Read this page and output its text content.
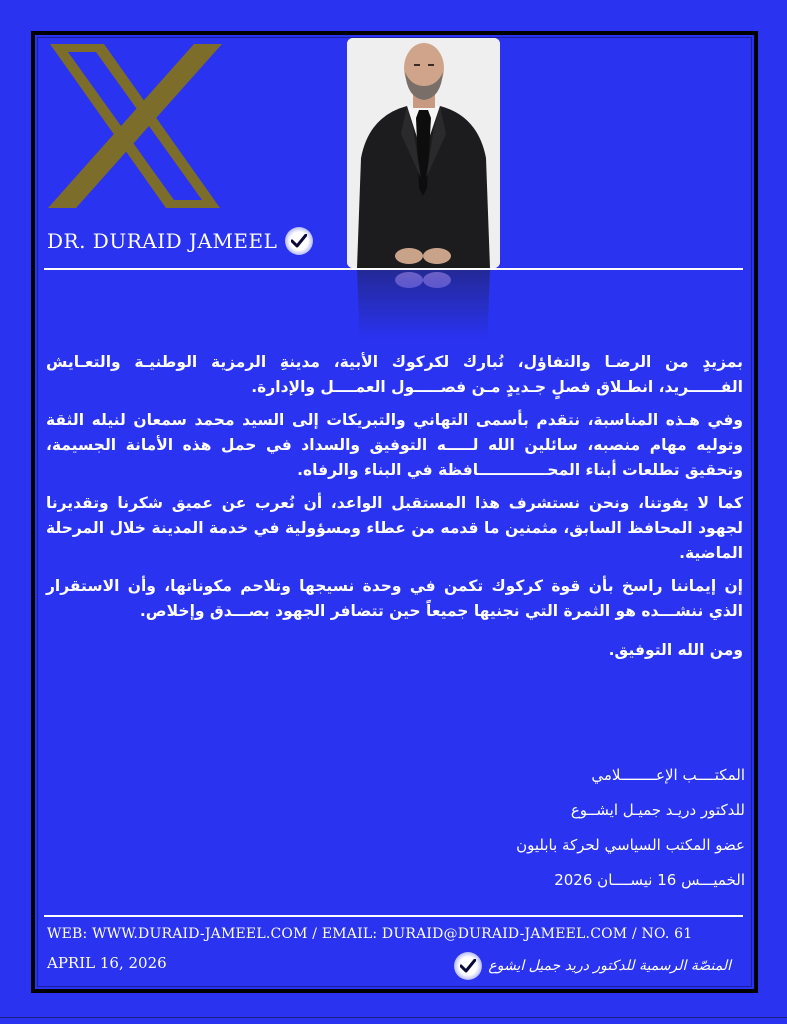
DR. DURAID JAMEEL

بمزيدٍ من الرضـا والتفاؤل، نُبارك لكركوك الأبية، مدينةِ الرمزية الوطنيـة والتعـايش الفــــــريد، انطـلاق فصلٍ جـديدٍ مـن فصـــــول العمــــل والإدارة.

وفي هـذه المناسبة، نتقدم بأسمى التهاني والتبريكات إلى السيد محمد سمعان لنيله الثقة وتوليه مهام منصبه، سائلين الله لـــــه التوفيق والسداد في حمل هذه الأمانة الجسيمة، وتحقيق تطلعات أبناء المحـــــــــــــافظة في البناء والرفاه.

كما لا يفوتنا، ونحن نستشرف هذا المستقبل الواعد، أن نُعرب عن عميق شكرنا وتقديرنا لجهود المحافظ السابق، مثمنين ما قدمه من عطاء ومسؤولية في خدمة المدينة خلال المرحلة الماضية.

إن إيماننا راسخ بأن قوة كركوك تكمن في وحدة نسيجها وتلاحم مكوناتها، وأن الاستقرار الذي ننشـــده هو الثمرة التي نجنيها جميعاً حين تتضافر الجهود بصـــدق وإخلاص.

ومن الله التوفيق.

المكتــــب الإعــــــــلامي
للدكتور دريـد جميـل ايشــوع
عضو المكتب السياسي لحركة بابليون
الخميـــس 16 نيســــان 2026
WEB: WWW.DURAID-JAMEEL.COM / EMAIL: DURAID@DURAID-JAMEEL.COM / NO. 61
APRIL 16, 2026	المنصّة الرسمية للدكتور دريد جميل ايشوع
